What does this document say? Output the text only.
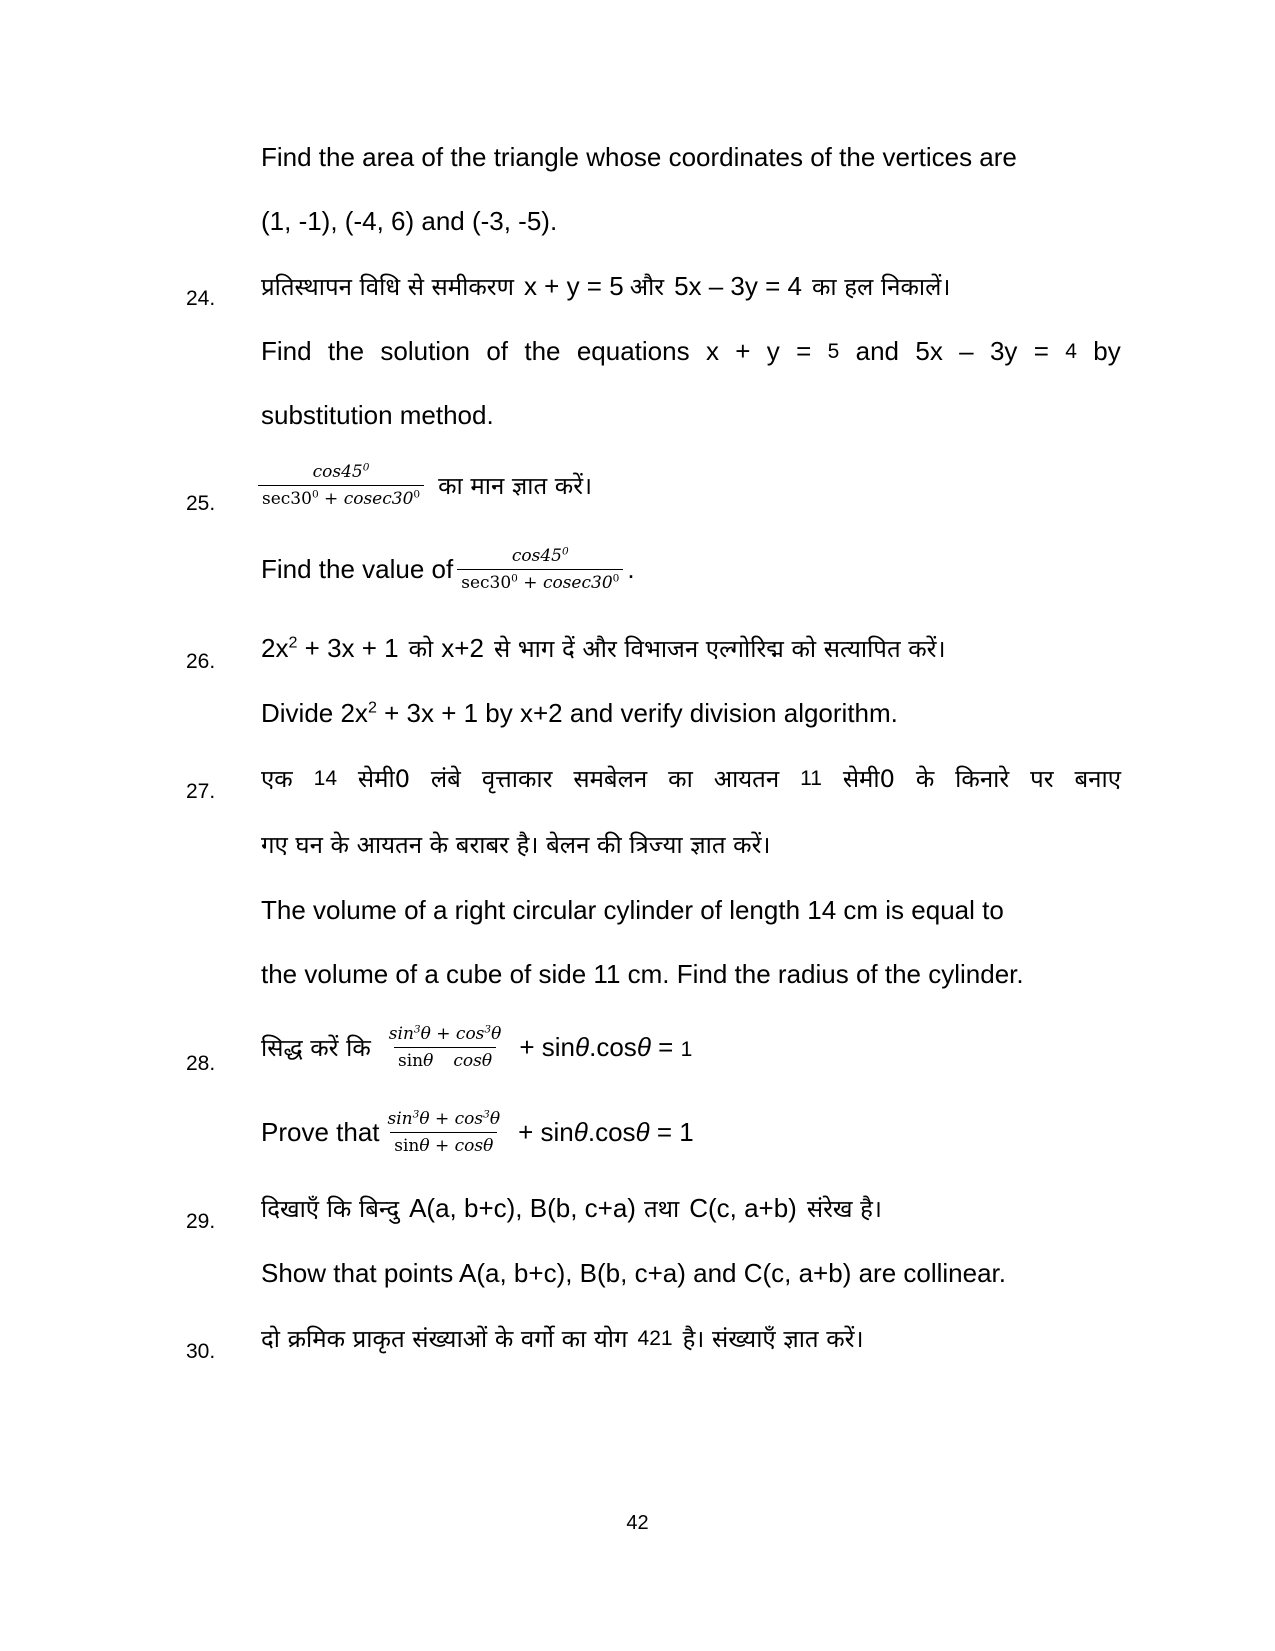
Find the area of the triangle whose coordinates of the vertices are
(1, -1), (-4, 6) and (-3, -5).
24. प्रतिस्थापन विधि से समीकरण x + y = 5 और 5x – 3y = 4 का हल निकालें।
Find the solution of the equations x + y = 5 and 5x – 3y = 4 by
substitution method.
25.	$\frac{\cos 45^0}{\sec 30^0 + cosec30^0}$ का मान ज्ञात करें।
Find the value of $\frac{\cos 45^0}{\sec 30^0 + cosec30^0}$ .
26. $2x^2 + 3x + 1$ को x+2 से भाग दें और विभाजन एल्गोरिद्म को सत्यापित करें।
Divide $2x^2 + 3x + 1$ by x+2 and verify division algorithm.
27. एक 14 सेमी0 लंबे वृत्ताकार समबेलन का आयतन 11 सेमी0 के किनारे पर बनाए
गए घन के आयतन के बराबर है। बेलन की त्रिज्या ज्ञात करें।
The volume of a right circular cylinder of length 14 cm is equal to
the volume of a cube of side 11 cm. Find the radius of the cylinder.
28.
सिद्ध करें कि $\frac{\sin^3\theta + \cos^3\theta}{\text{sinθ cosθ}} + \sin\theta.\cos\theta = 1$
Prove that $\frac{\sin^3\theta + \cos^3\theta}{\sin\theta + \cos\theta} + \sin\theta.\cos\theta = 1$
29. दिखाएँ कि बिन्दु A(a, b+c), B(b, c+a) तथा C(c, a+b) संरेख है।
Show that points A(a, b+c), B(b, c+a) and C(c, a+b) are collinear.
30. दो क्रमिक प्राकृत संख्याओं के वर्गो का योग 421 है। संख्याएँ ज्ञात करें।
42
